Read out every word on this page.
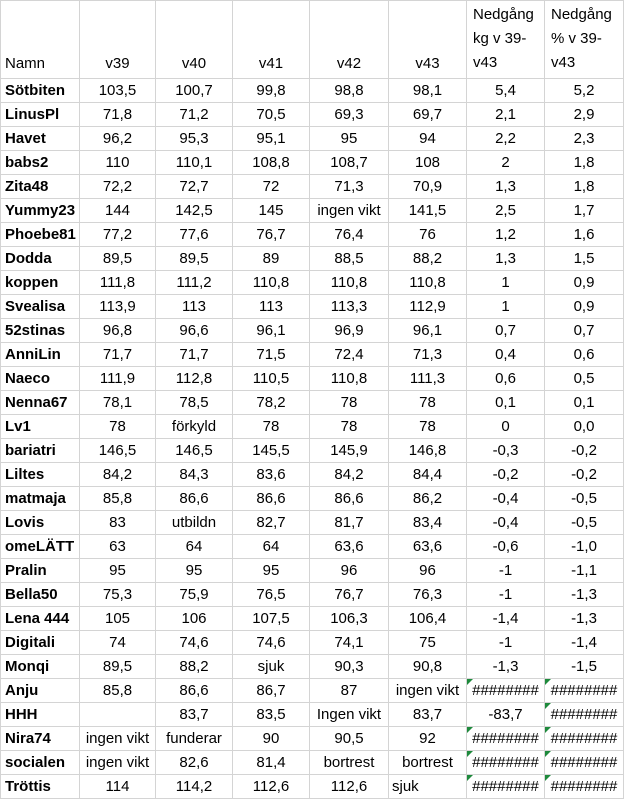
Namn	v39	v40	v41	v42	v43	Nedgång kg v 39-v43	Nedgång % v 39-v43
Sötbiten	103,5	100,7	99,8	98,8	98,1	5,4	5,2
LinusPl	71,8	71,2	70,5	69,3	69,7	2,1	2,9
Havet	96,2	95,3	95,1	95	94	2,2	2,3
babs2	110	110,1	108,8	108,7	108	2	1,8
Zita48	72,2	72,7	72	71,3	70,9	1,3	1,8
Yummy23	144	142,5	145	ingen vikt	141,5	2,5	1,7
Phoebe81	77,2	77,6	76,7	76,4	76	1,2	1,6
Dodda	89,5	89,5	89	88,5	88,2	1,3	1,5
koppen	111,8	111,2	110,8	110,8	110,8	1	0,9
Svealisa	113,9	113	113	113,3	112,9	1	0,9
52stinas	96,8	96,6	96,1	96,9	96,1	0,7	0,7
AnniLin	71,7	71,7	71,5	72,4	71,3	0,4	0,6
Naeco	111,9	112,8	110,5	110,8	111,3	0,6	0,5
Nenna67	78,1	78,5	78,2	78	78	0,1	0,1
Lv1	78	förkyld	78	78	78	0	0,0
bariatri	146,5	146,5	145,5	145,9	146,8	-0,3	-0,2
Liltes	84,2	84,3	83,6	84,2	84,4	-0,2	-0,2
matmaja	85,8	86,6	86,6	86,6	86,2	-0,4	-0,5
Lovis	83	utbildn	82,7	81,7	83,4	-0,4	-0,5
omeLÄTT	63	64	64	63,6	63,6	-0,6	-1,0
Pralin	95	95	95	96	96	-1	-1,1
Bella50	75,3	75,9	76,5	76,7	76,3	-1	-1,3
Lena 444	105	106	107,5	106,3	106,4	-1,4	-1,3
Digitali	74	74,6	74,6	74,1	75	-1	-1,4
Monqi	89,5	88,2	sjuk	90,3	90,8	-1,3	-1,5
Anju	85,8	86,6	86,7	87	ingen vikt	########	########
HHH		83,7	83,5	Ingen vikt	83,7	-83,7	########
Nira74	ingen vikt	funderar	90	90,5	92	########	########
socialen	ingen vikt	82,6	81,4	bortrest	bortrest	########	########
Tröttis	114	114,2	112,6	112,6	sjuk	########	########
